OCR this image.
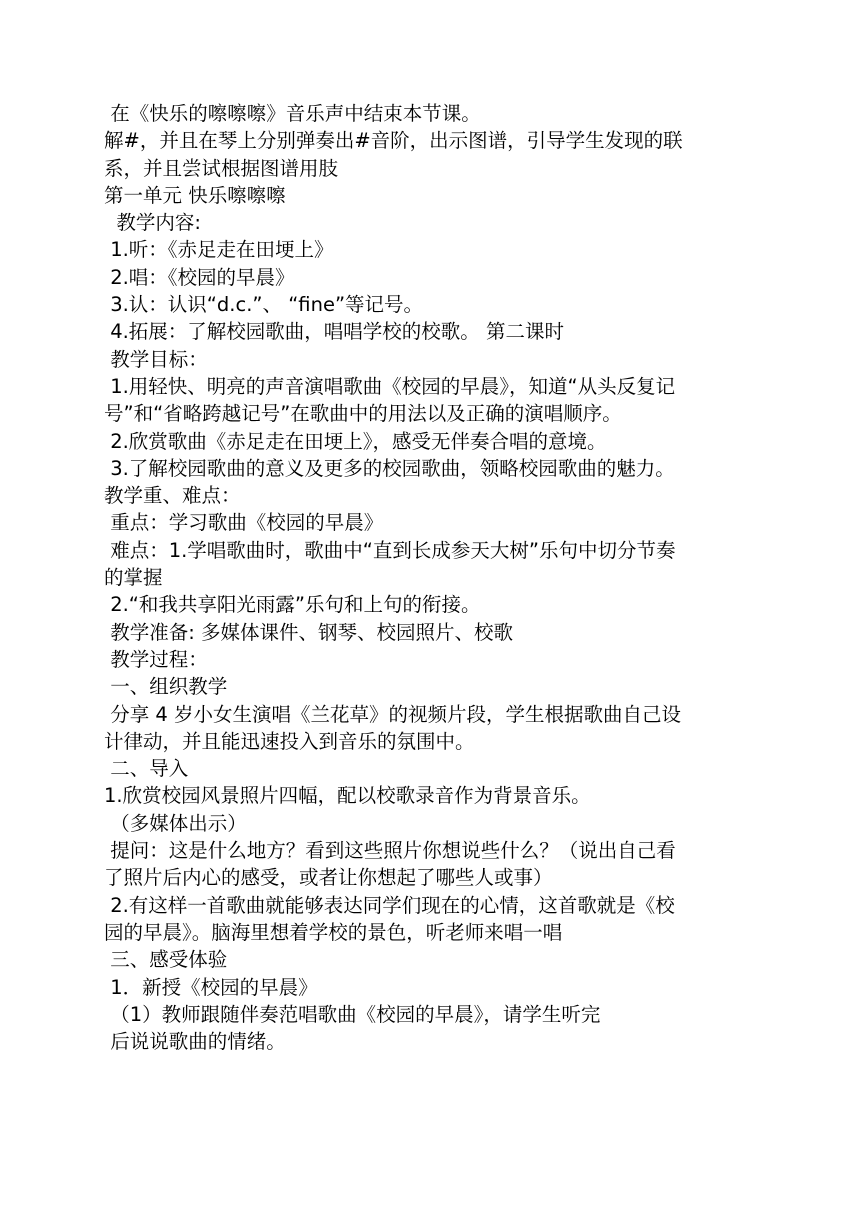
在《快乐的嚓嚓嚓》音乐声中结束本节课。
解#，并且在琴上分别弹奏出#音阶，出示图谱，引导学生发现的联
系，并且尝试根据图谱用肢
第一单元 快乐嚓嚓嚓
教学内容:
1.听：《赤足走在田埂上》
2.唱：《校园的早晨》
3.认：认识“d.c.”、 “fine”等记号。
4.拓展：了解校园歌曲，唱唱学校的校歌。 第二课时
教学目标：
1.用轻快、明亮的声音演唱歌曲《校园的早晨》，知道“从头反复记
号”和“省略跨越记号”在歌曲中的用法以及正确的演唱顺序。
2.欣赏歌曲《赤足走在田埂上》，感受无伴奏合唱的意境。
3.了解校园歌曲的意义及更多的校园歌曲，领略校园歌曲的魅力。
教学重、难点：
重点：学习歌曲《校园的早晨》
难点：1.学唱歌曲时，歌曲中“直到长成参天大树”乐句中切分节奏
的掌握
2.“和我共享阳光雨露”乐句和上句的衔接。
教学准备: 多媒体课件、钢琴、校园照片、校歌
教学过程：
一、组织教学
分享 4 岁小女生演唱《兰花草》的视频片段，学生根据歌曲自己设
计律动，并且能迅速投入到音乐的氛围中。
二、导入
1.欣赏校园风景照片四幅，配以校歌录音作为背景音乐。
（多媒体出示）
提问：这是什么地方？看到这些照片你想说些什么？（说出自己看
了照片后内心的感受，或者让你想起了哪些人或事）
2.有这样一首歌曲就能够表达同学们现在的心情，这首歌就是《校
园的早晨》。脑海里想着学校的景色，听老师来唱一唱
三、感受体验
1．新授《校园的早晨》
（1）教师跟随伴奏范唱歌曲《校园的早晨》，请学生听完
后说说歌曲的情绪。
